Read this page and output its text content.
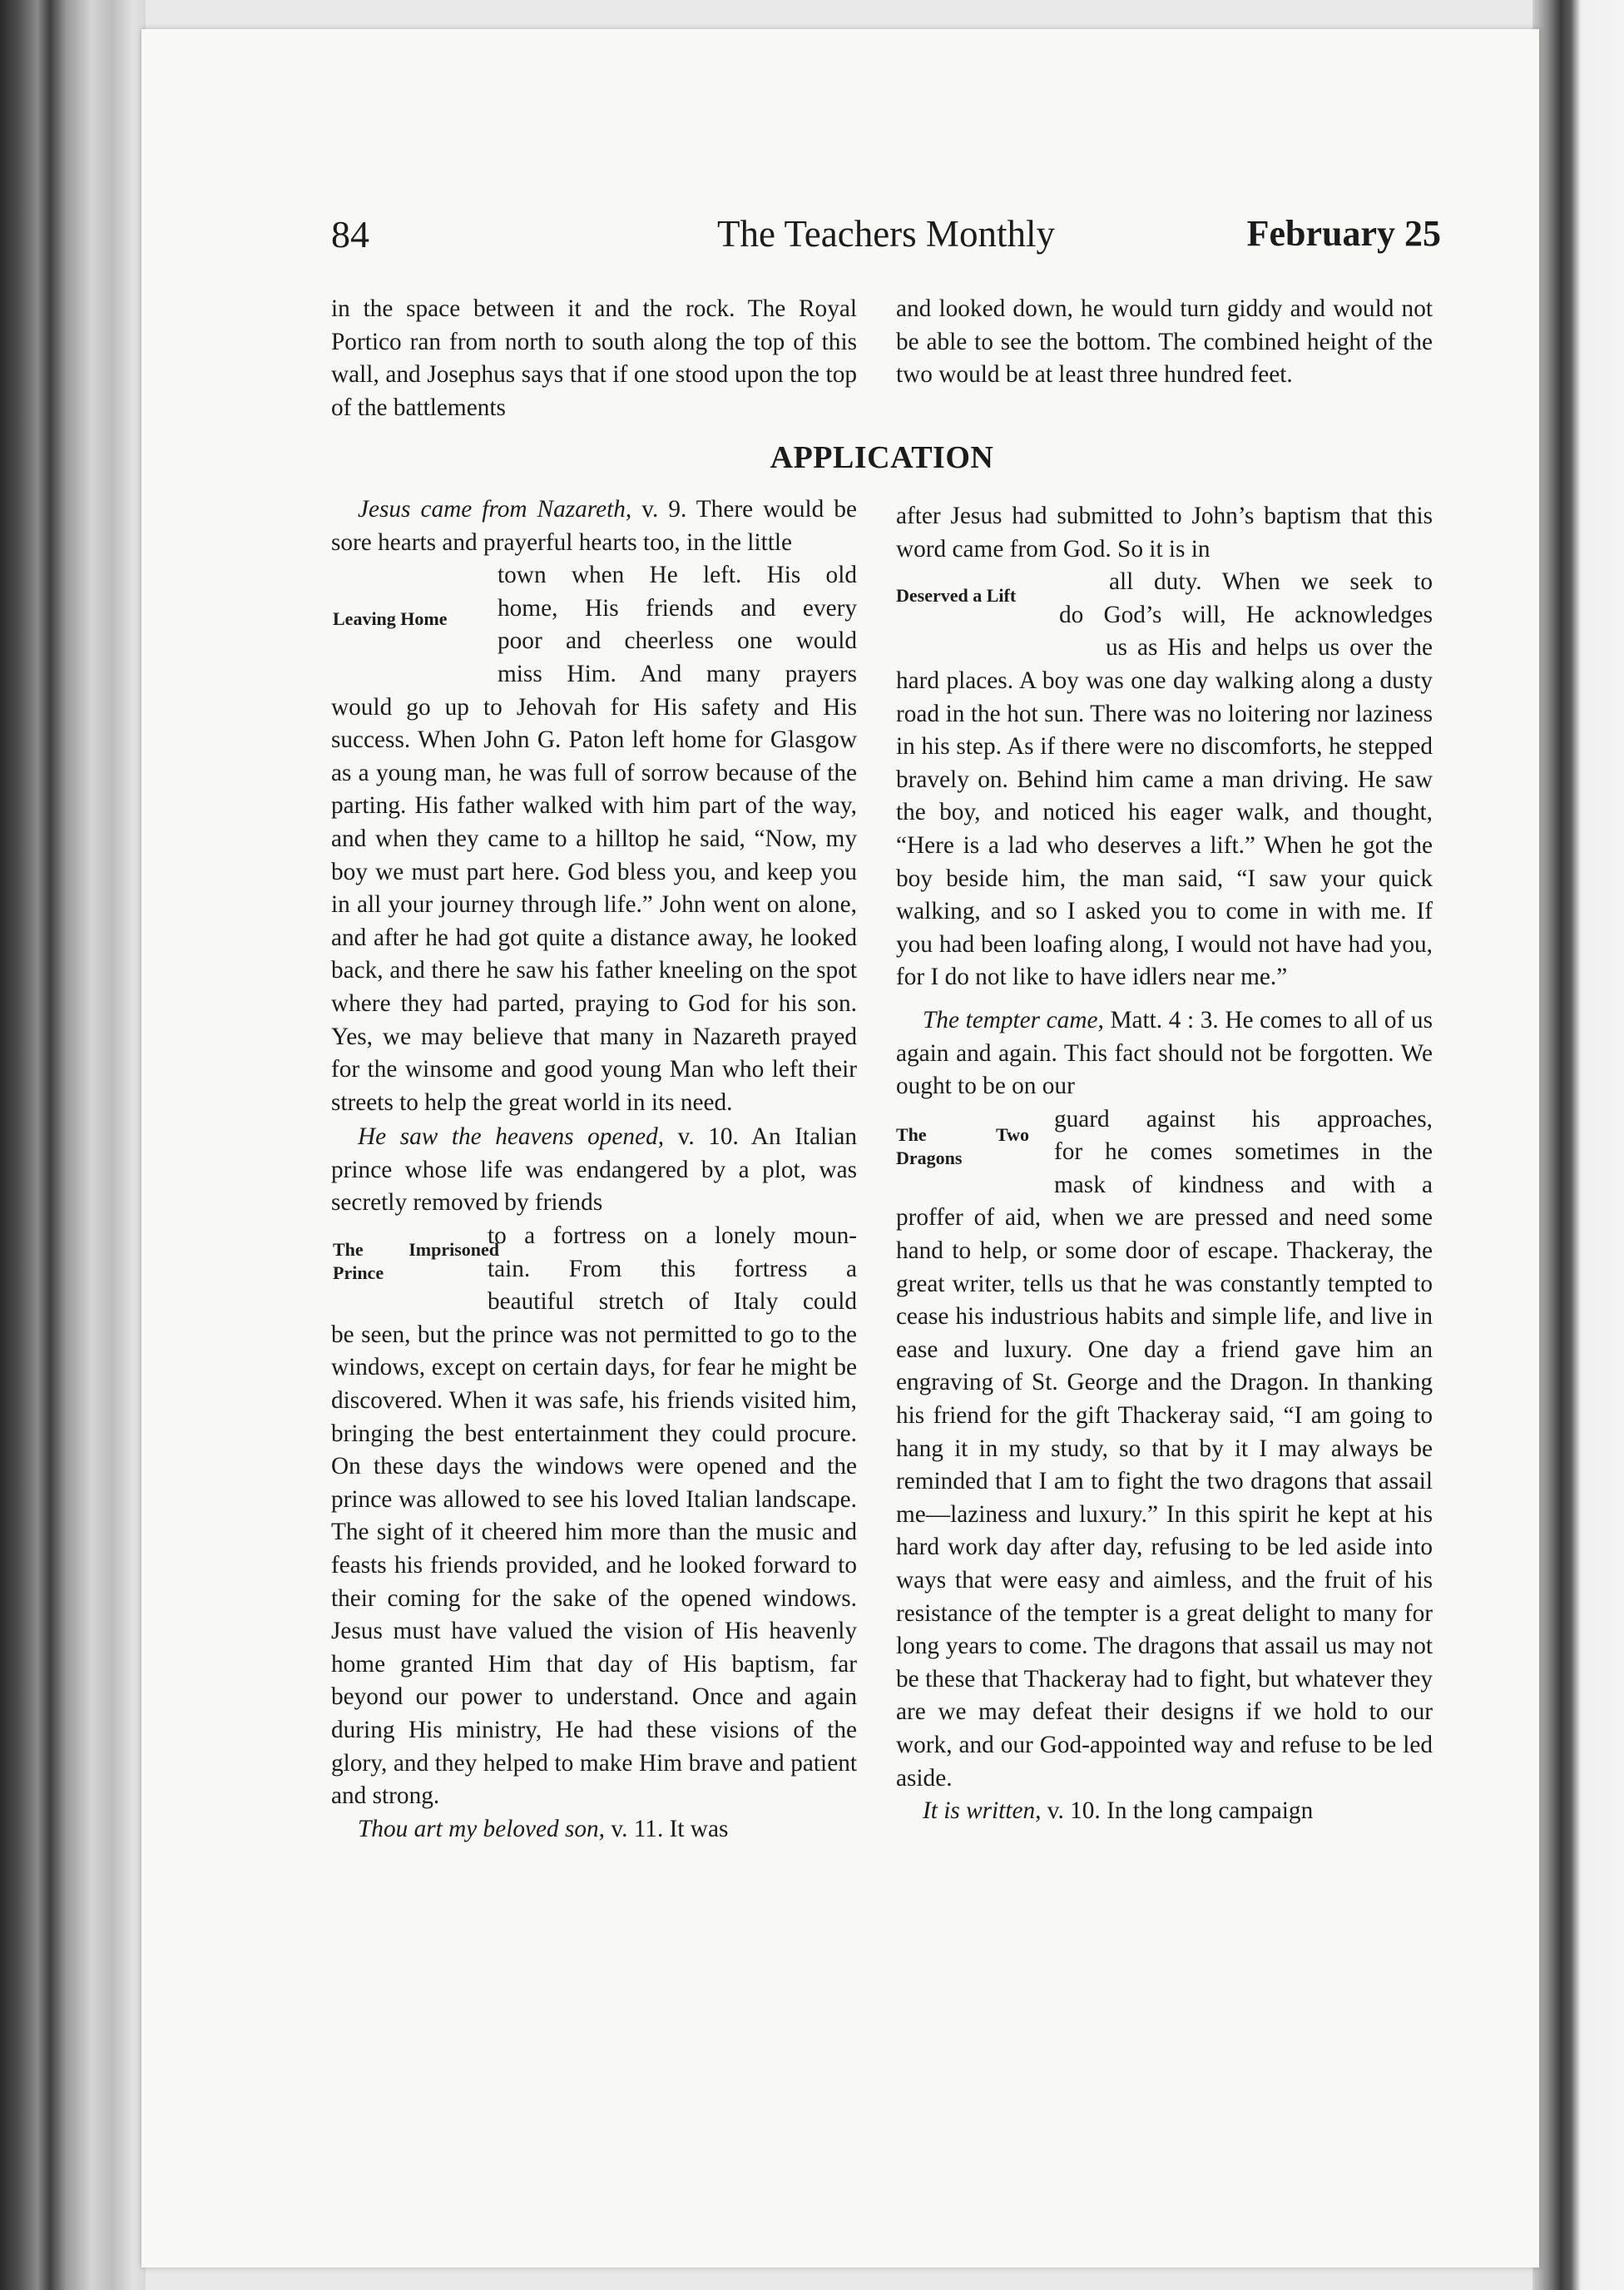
84	The Teachers Monthly	February 25

in the space between it and the rock. The Royal Portico ran from north to south along the top of this wall, and Josephus says that if one stood upon the top of the battlements

and looked down, he would turn giddy and would not be able to see the bottom. The combined height of the two would be at least three hundred feet.

APPLICATION

Jesus came from Nazareth, v. 9. There would be sore hearts and prayerful hearts too, in the little

Leaving Home

town when He left. His old

home, His friends and every

poor and cheerless one would

miss Him. And many prayers

would go up to Jehovah for His safety and His success. When John G. Paton left home for Glasgow as a young man, he was full of sorrow because of the parting. His father walked with him part of the way, and when they came to a hilltop he said, “Now, my boy we must part here. God bless you, and keep you in all your journey through life.” John went on alone, and after he had got quite a distance away, he looked back, and there he saw his father kneeling on the spot where they had parted, praying to God for his son. Yes, we may believe that many in Nazareth prayed for the winsome and good young Man who left their streets to help the great world in its need.

He saw the heavens opened, v. 10. An Italian prince whose life was endangered by a plot, was secretly removed by friends

The Imprisoned Prince

to a fortress on a lonely moun-

tain. From this fortress a

beautiful stretch of Italy could

be seen, but the prince was not permitted to go to the windows, except on certain days, for fear he might be discovered. When it was safe, his friends visited him, bringing the best entertainment they could procure. On these days the windows were opened and the prince was allowed to see his loved Italian landscape. The sight of it cheered him more than the music and feasts his friends provided, and he looked forward to their coming for the sake of the opened windows. Jesus must have valued the vision of His heavenly home granted Him that day of His baptism, far beyond our power to understand. Once and again during His ministry, He had these visions of the glory, and they helped to make Him brave and patient and strong.

Thou art my beloved son, v. 11. It was

after Jesus had submitted to John’s baptism that this word came from God. So it is in

Deserved a Lift

all duty. When we seek to

do God’s will, He acknowledges

us as His and helps us over the

hard places. A boy was one day walking along a dusty road in the hot sun. There was no loitering nor laziness in his step. As if there were no discomforts, he stepped bravely on. Behind him came a man driving. He saw the boy, and noticed his eager walk, and thought, “Here is a lad who deserves a lift.” When he got the boy beside him, the man said, “I saw your quick walking, and so I asked you to come in with me. If you had been loafing along, I would not have had you, for I do not like to have idlers near me.”

The tempter came, Matt. 4 : 3. He comes to all of us again and again. This fact should not be forgotten. We ought to be on our

The Two Dragons

guard against his approaches,

for he comes sometimes in the

mask of kindness and with a

proffer of aid, when we are pressed and need some hand to help, or some door of escape. Thackeray, the great writer, tells us that he was constantly tempted to cease his industrious habits and simple life, and live in ease and luxury. One day a friend gave him an engraving of St. George and the Dragon. In thanking his friend for the gift Thackeray said, “I am going to hang it in my study, so that by it I may always be reminded that I am to fight the two dragons that assail me—laziness and luxury.” In this spirit he kept at his hard work day after day, refusing to be led aside into ways that were easy and aimless, and the fruit of his resistance of the tempter is a great delight to many for long years to come. The dragons that assail us may not be these that Thackeray had to fight, but whatever they are we may defeat their designs if we hold to our work, and our God-appointed way and refuse to be led aside.

It is written, v. 10. In the long campaign
